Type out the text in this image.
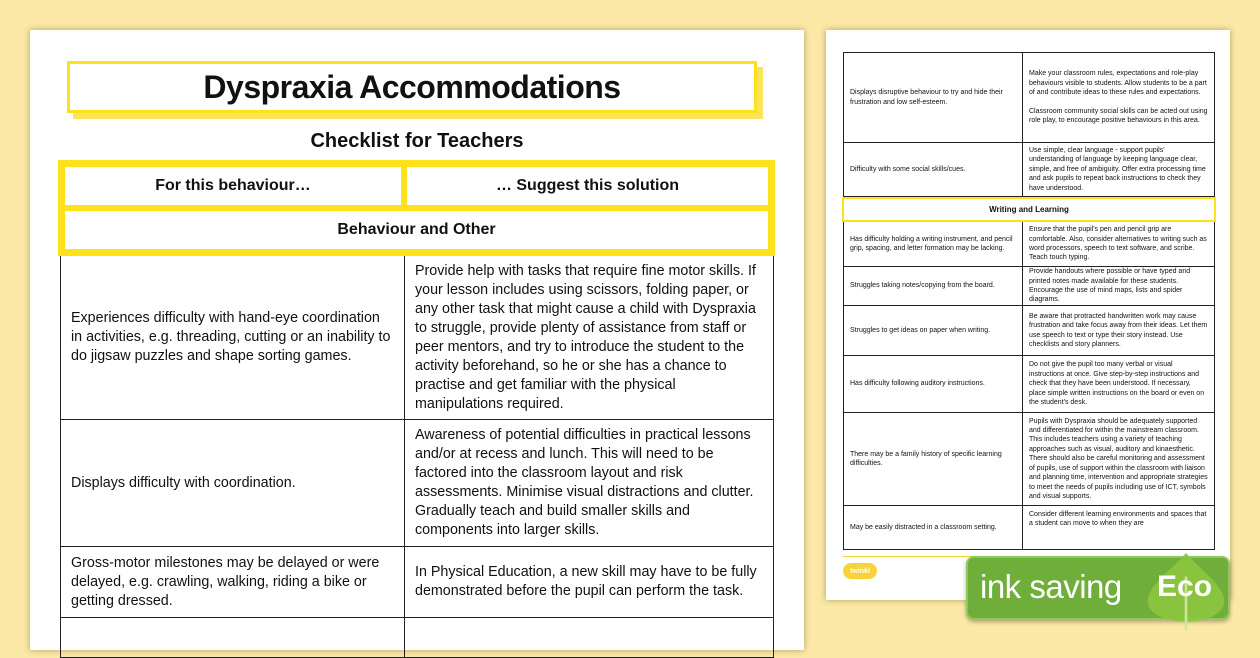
Dyspraxia Accommodations
Checklist for Teachers
For this behaviour…	… Suggest this solution
Behaviour and Other
Experiences difficulty with hand-eye coordination in activities, e.g. threading, cutting or an inability to do jigsaw puzzles and shape sorting games.
Provide help with tasks that require fine motor skills. If your lesson includes using scissors, folding paper, or any other task that might cause a child with Dyspraxia to struggle, provide plenty of assistance from staff or peer mentors, and try to introduce the student to the activity beforehand, so he or she has a chance to practise and get familiar with the physical manipulations required.
Displays difficulty with coordination.
Awareness of potential difficulties in practical lessons and/or at recess and lunch. This will need to be factored into the classroom layout and risk assessments. Minimise visual distractions and clutter. Gradually teach and build smaller skills and components into larger skills.
Gross-motor milestones may be delayed or were delayed, e.g. crawling, walking, riding a bike or getting dressed.
In Physical Education, a new skill may have to be fully demonstrated before the pupil can perform the task.
Displays disruptive behaviour to try and hide their frustration and low self-esteem.
Make your classroom rules, expectations and role-play behaviours visible to students. Allow students to be a part of and contribute ideas to these rules and expectations.
Classroom community social skills can be acted out using role play, to encourage positive behaviours in this area.
Difficulty with some social skills/cues.
Use simple, clear language - support pupils' understanding of language by keeping language clear, simple, and free of ambiguity. Offer extra processing time and ask pupils to repeat back instructions to check they have understood.
Writing and Learning
Has difficulty holding a writing instrument, and pencil grip, spacing, and letter formation may be lacking.
Ensure that the pupil's pen and pencil grip are comfortable. Also, consider alternatives to writing such as word processors, speech to text software, and scribe. Teach touch typing.
Struggles taking notes/copying from the board.
Provide handouts where possible or have typed and printed notes made available for these students. Encourage the use of mind maps, lists and spider diagrams.
Struggles to get ideas on paper when writing.
Be aware that protracted handwritten work may cause frustration and take focus away from their ideas. Let them use speech to text or type their story instead. Use checklists and story planners.
Has difficulty following auditory instructions.
Do not give the pupil too many verbal or visual instructions at once. Give step-by-step instructions and check that they have been understood. If necessary, place simple written instructions on the board or even on the student's desk.
There may be a family history of specific learning difficulties.
Pupils with Dyspraxia should be adequately supported and differentiated for within the mainstream classroom. This includes teachers using a variety of teaching approaches such as visual, auditory and kinaesthetic. There should also be careful monitoring and assessment of pupils, use of support within the classroom with liaison and planning time, intervention and appropriate strategies to meet the needs of pupils including use of ICT, symbols and visual supports.
May be easily distracted in a classroom setting.
Consider different learning environments and spaces that a student can move to when they are
twinkl	ink saving Eco
